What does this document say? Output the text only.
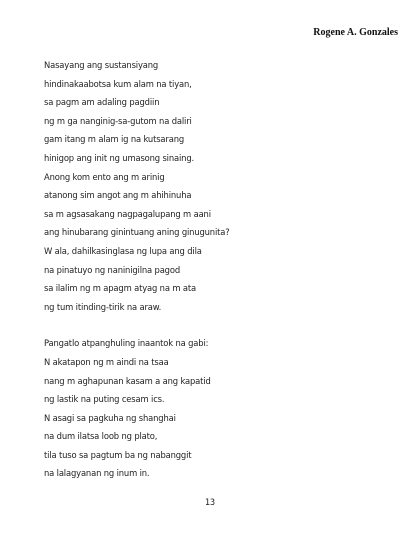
Rogene A. Gonzales
Nasayang ang sustansiyang
hindinakaabotsa kum alam na tiyan,
sa pagm am adaling pagdiin
ng m ga nanginig-sa-gutom na daliri
gam itang m alam ig na kutsarang
hinigop ang init ng umasong sinaing.
Anong kom ento ang m arinig
atanong sim angot ang m ahihinuha
sa m agsasakang nagpagalupang m aani
ang hinubarang ginintuang aning ginugunita?
W ala, dahilkasinglasa ng lupa ang dila
na pinatuyo ng naninigilna pagod
sa ilalim ng m apagm atyag na m ata
ng tum itinding-tirik na araw.
Pangatlo atpanghuling inaantok na gabi:
N akatapon ng m aindi na tsaa
nang m aghapunan kasam a ang kapatid
ng lastik na puting cesam ics.
N asagi sa pagkuha ng shanghai
na dum ilatsa loob ng plato,
tila tuso sa pagtum ba ng nabanggit
na lalagyanan ng inum in.
13
